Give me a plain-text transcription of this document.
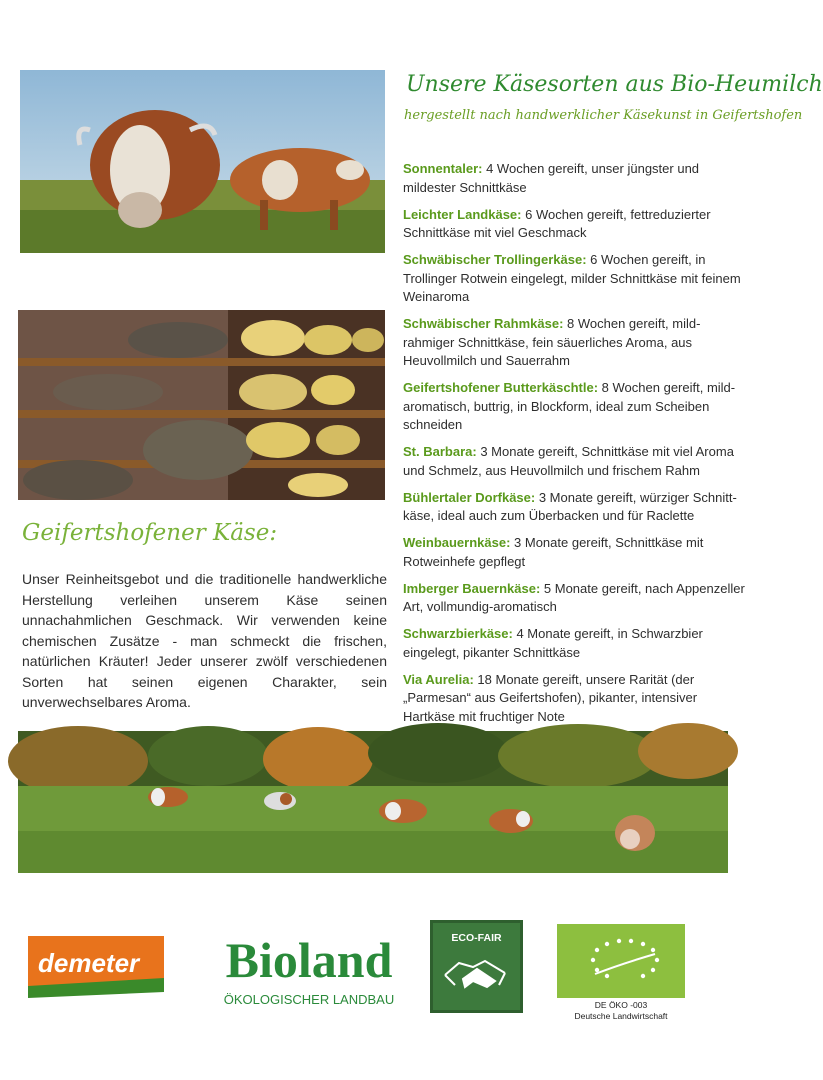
Unsere Käsesorten aus Bio-Heumilch
hergestellt nach handwerklicher Käsekunst in Geifertshofen
Sonnentaler: 4 Wochen gereift, unser jüngster und mildester Schnittkäse
Leichter Landkäse: 6 Wochen gereift, fettreduzierter Schnittkäse mit viel Geschmack
Schwäbischer Trollingerkäse: 6 Wochen gereift, in Trollinger Rotwein eingelegt, milder Schnittkäse mit feinem Weinaroma
Schwäbischer Rahmkäse: 8 Wochen gereift, mild-rahmiger Schnittkäse, fein säuerliches Aroma, aus Heuvollmilch und Sauerrahm
Geifertshofener Butterkäschtle: 8 Wochen gereift, mild-aromatisch, buttrig, in Blockform, ideal zum Scheiben schneiden
St. Barbara: 3 Monate gereift, Schnittkäse mit viel Aroma und Schmelz, aus Heuvollmilch und frischem Rahm
Bühlertaler Dorfkäse: 3 Monate gereift, würziger Schnitt-käse, ideal auch zum Überbacken und für Raclette
Weinbauernkäse: 3 Monate gereift, Schnittkäse mit Rotweinhefe gepflegt
Imberger Bauernkäse: 5 Monate gereift, nach Appenzeller Art, vollmundig-aromatisch
Schwarzbierkäse: 4 Monate gereift, in Schwarzbier eingelegt, pikanter Schnittkäse
Via Aurelia: 18 Monate gereift, unsere Rarität (der „Parmesan“ aus Geifertshofen), pikanter, intensiver Hartkäse mit fruchtiger Note
Geifertshofener Käse:
Unser Reinheitsgebot und die traditionelle handwerkliche Herstellung verleihen unserem Käse seinen unnachahmlichen Geschmack. Wir verwenden keine chemischen Zusätze - man schmeckt die frischen, natürlichen Kräuter! Jeder unserer zwölf verschiedenen Sorten hat seinen eigenen Charakter, sein unverwechselbares Aroma.
demeter Bioland
ÖKOLOGISCHER LANDBAU
ECO-FAIR
DE ÖKO -003
Deutsche Landwirtschaft
